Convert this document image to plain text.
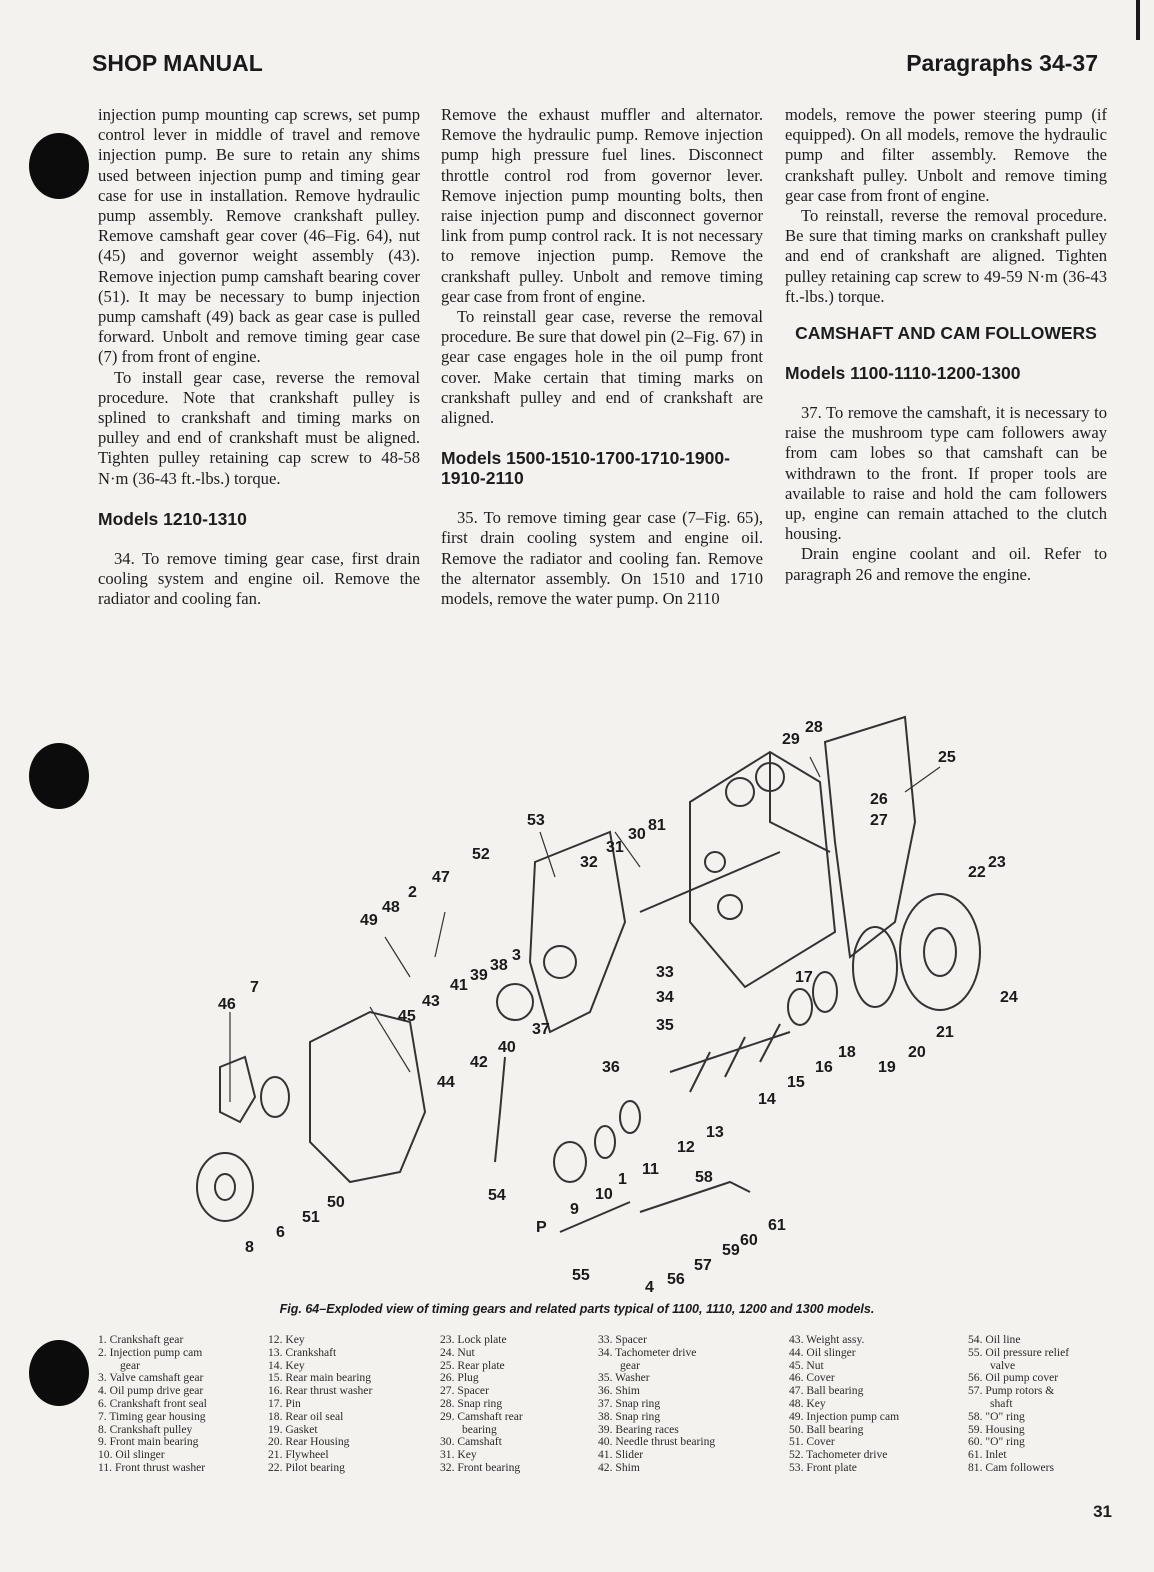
SHOP MANUAL	Paragraphs 34-37

injection pump mounting cap screws, set pump control lever in middle of travel and remove injection pump. Be sure to retain any shims used between injection pump and timing gear case for use in installation. Remove hydraulic pump assembly. Remove crankshaft pulley. Remove camshaft gear cover (46–Fig. 64), nut (45) and governor weight assembly (43). Remove injection pump camshaft bearing cover (51). It may be necessary to bump injection pump camshaft (49) back as gear case is pulled forward. Unbolt and remove timing gear case (7) from front of engine.

To install gear case, reverse the removal procedure. Note that crankshaft pulley is splined to crankshaft and timing marks on pulley and end of crankshaft must be aligned. Tighten pulley retaining cap screw to 48-58 N·m (36-43 ft.-lbs.) torque.

Models 1210-1310

34. To remove timing gear case, first drain cooling system and engine oil. Remove the radiator and cooling fan.

Remove the exhaust muffler and alternator. Remove the hydraulic pump. Remove injection pump high pressure fuel lines. Disconnect throttle control rod from governor lever. Remove injection pump mounting bolts, then raise injection pump and disconnect governor link from pump control rack. It is not necessary to remove injection pump. Remove the crankshaft pulley. Unbolt and remove timing gear case from front of engine.

To reinstall gear case, reverse the removal procedure. Be sure that dowel pin (2–Fig. 67) in gear case engages hole in the oil pump front cover. Make certain that timing marks on crankshaft pulley and end of crankshaft are aligned.

Models 1500-1510-1700-1710-1900-1910-2110

35. To remove timing gear case (7–Fig. 65), first drain cooling system and engine oil. Remove the radiator and cooling fan. Remove the alternator assembly. On 1510 and 1710 models, remove the water pump. On 2110

models, remove the power steering pump (if equipped). On all models, remove the hydraulic pump and filter assembly. Remove the crankshaft pulley. Unbolt and remove timing gear case from front of engine.

To reinstall, reverse the removal procedure. Be sure that timing marks on crankshaft pulley and end of crankshaft are aligned. Tighten pulley retaining cap screw to 49-59 N·m (36-43 ft.-lbs.) torque.

CAMSHAFT AND CAM FOLLOWERS
Models 1100-1110-1200-1300

37. To remove the camshaft, it is necessary to raise the mushroom type cam followers away from cam lobes so that camshaft can be withdrawn to the front. If proper tools are available to raise and hold the cam followers up, engine can remain attached to the clutch housing.

Drain engine coolant and oil. Refer to paragraph 26 and remove the engine.

29
28
25
26
27
53
52	31
30
81
32
47
2
48
49
22
23
3
38
39
41
33
34
7
46	43
45
35
37
17
24
40
42	36
21
18	20
16	19
15
44
14
13
12
11 58
10
50	9
51
6	61
8
P
60
59
57
55	56
4
54
1
Fig. 64–Exploded view of timing gears and related parts typical of 1100, 1110, 1200 and 1300 models.
1. Crankshaft gear
2. Injection pump cam
gear
3. Valve camshaft gear
4. Oil pump drive gear
6. Crankshaft front seal
7. Timing gear housing
8. Crankshaft pulley
9. Front main bearing
10. Oil slinger
11. Front thrust washer
12. Key
13. Crankshaft
14. Key
15. Rear main bearing
16. Rear thrust washer
17. Pin
18. Rear oil seal
19. Gasket
20. Rear Housing
21. Flywheel
22. Pilot bearing
23. Lock plate
24. Nut
25. Rear plate
26. Plug
27. Spacer
28. Snap ring
29. Camshaft rear
bearing
30. Camshaft
31. Key
32. Front bearing
33. Spacer
34. Tachometer drive
gear
35. Washer
36. Shim
37. Snap ring
38. Snap ring
39. Bearing races
40. Needle thrust bearing
41. Slider
42. Shim
43. Weight assy.
44. Oil slinger
45. Nut
46. Cover
47. Ball bearing
48. Key
49. Injection pump cam
50. Ball bearing
51. Cover
52. Tachometer drive
53. Front plate
54. Oil line
55. Oil pressure relief
valve
56. Oil pump cover
57. Pump rotors &
shaft
58. "O" ring
59. Housing
60. "O" ring
61. Inlet
81. Cam followers
31
